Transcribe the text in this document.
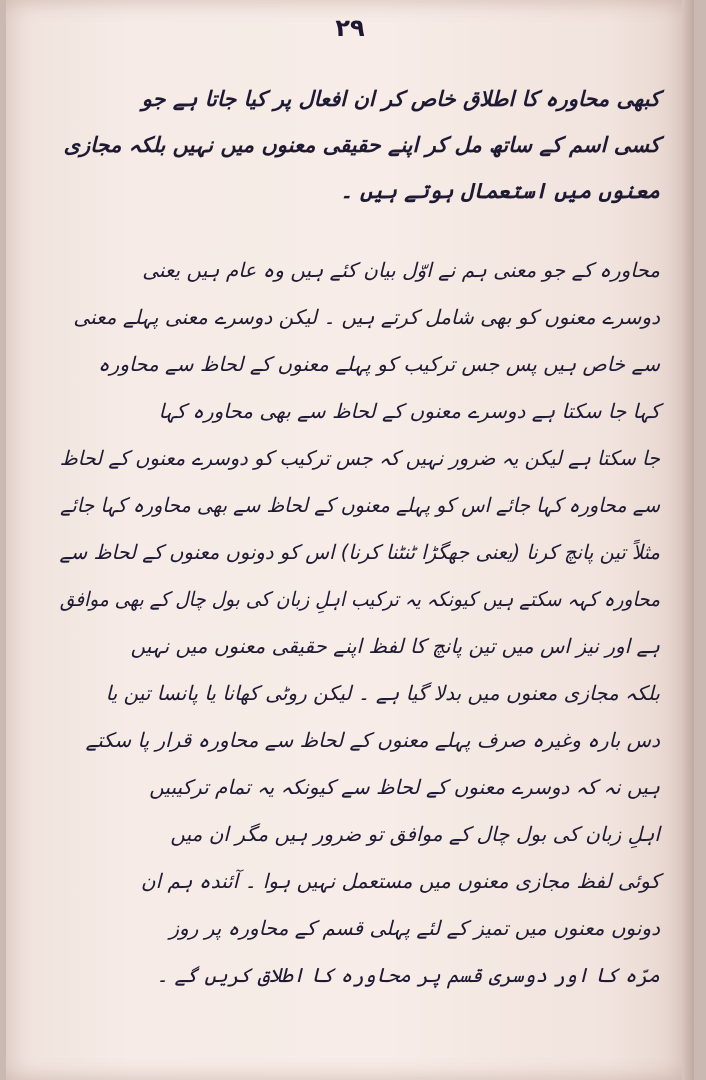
۲۹
کبھی محاورہ کا اطلاق خاص کر ان افعال پر کیا جاتا ہے جو
کسی اسم کے ساتھ مل کر اپنے حقیقی معنوں میں نہیں بلکہ مجازی
معنوں میں استعمال ہوتے ہیں ۔
محاورہ کے جو معنی ہم نے اوّل بیان کئے ہیں وہ عام ہیں یعنی
دوسرے معنوں کو بھی شامل کرتے ہیں ۔ لیکن دوسرے معنی پہلے معنی
سے خاص ہیں پس جس ترکیب کو پہلے معنوں کے لحاظ سے محاورہ
کہا جا سکتا ہے دوسرے معنوں کے لحاظ سے بھی محاورہ کہا
جا سکتا ہے لیکن یہ ضرور نہیں کہ جس ترکیب کو دوسرے معنوں کے لحاظ
سے محاورہ کہا جائے اس کو پہلے معنوں کے لحاظ سے بھی محاورہ کہا جائے
مثلاً تین پانچ کرنا (یعنی جھگڑا ٹنٹنا کرنا) اس کو دونوں معنوں کے لحاظ سے
محاورہ کہہ سکتے ہیں کیونکہ یہ ترکیب اہلِ زبان کی بول چال کے بھی موافق
ہے اور نیز اس میں تین پانچ کا لفظ اپنے حقیقی معنوں میں نہیں
بلکہ مجازی معنوں میں بدلا گیا ہے ۔ لیکن روٹی کھانا یا پانسا تین یا
دس بارہ وغیرہ صرف پہلے معنوں کے لحاظ سے محاورہ قرار پا سکتے
ہیں نہ کہ دوسرے معنوں کے لحاظ سے کیونکہ یہ تمام ترکیبیں
اہلِ زبان کی بول چال کے موافق تو ضرور ہیں مگر ان میں
کوئی لفظ مجازی معنوں میں مستعمل نہیں ہوا ۔ آئندہ ہم ان
دونوں معنوں میں تمیز کے لئے پہلی قسم کے محاورہ پر روز
مرّہ کا اور دوسری قسم پر محاورہ کا اطلاق کریں گے ۔
